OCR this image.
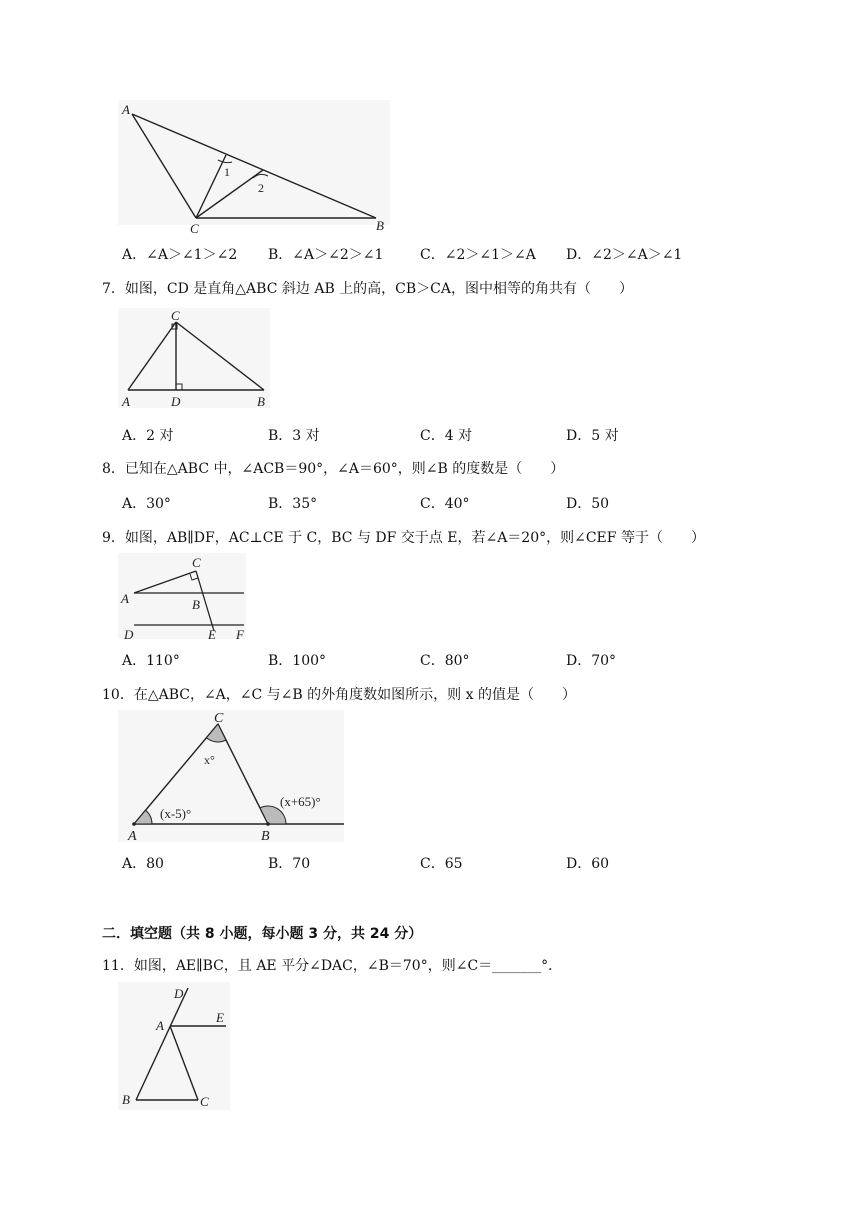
A
C	B
1
2
A．∠A＞∠1＞∠2 B．∠A＞∠2＞∠1	C．∠2＞∠1＞∠A D．∠2＞∠A＞∠1
7．如图，CD 是直角△ABC 斜边 AB 上的高，CB＞CA，图中相等的角共有（　　）
C
A	D	B
A．2 对	B．3 对	C．4 对	D．5 对
8．已知在△ABC 中，∠ACB＝90°，∠A＝60°，则∠B 的度数是（　　）
A．30°	B．35°	C．40°	D．50
9．如图，AB∥DF，AC⊥CE 于 C，BC 与 DF 交于点 E，若∠A＝20°，则∠CEF 等于（　　）
C
A	B
D	E F
A．110°	B．100°	C．80°	D．70°
10．在△ABC，∠A，∠C 与∠B 的外角度数如图所示，则 x 的值是（　　）
C
A	B
x°
(x-5)°
(x+65)°
A．80	B．70	C．65	D．60
二．填空题（共 8 小题，每小题 3 分，共 24 分）
11．如图，AE∥BC，且 AE 平分∠DAC，∠B＝70°，则∠C＝_______°．
D
A
E
B	C
